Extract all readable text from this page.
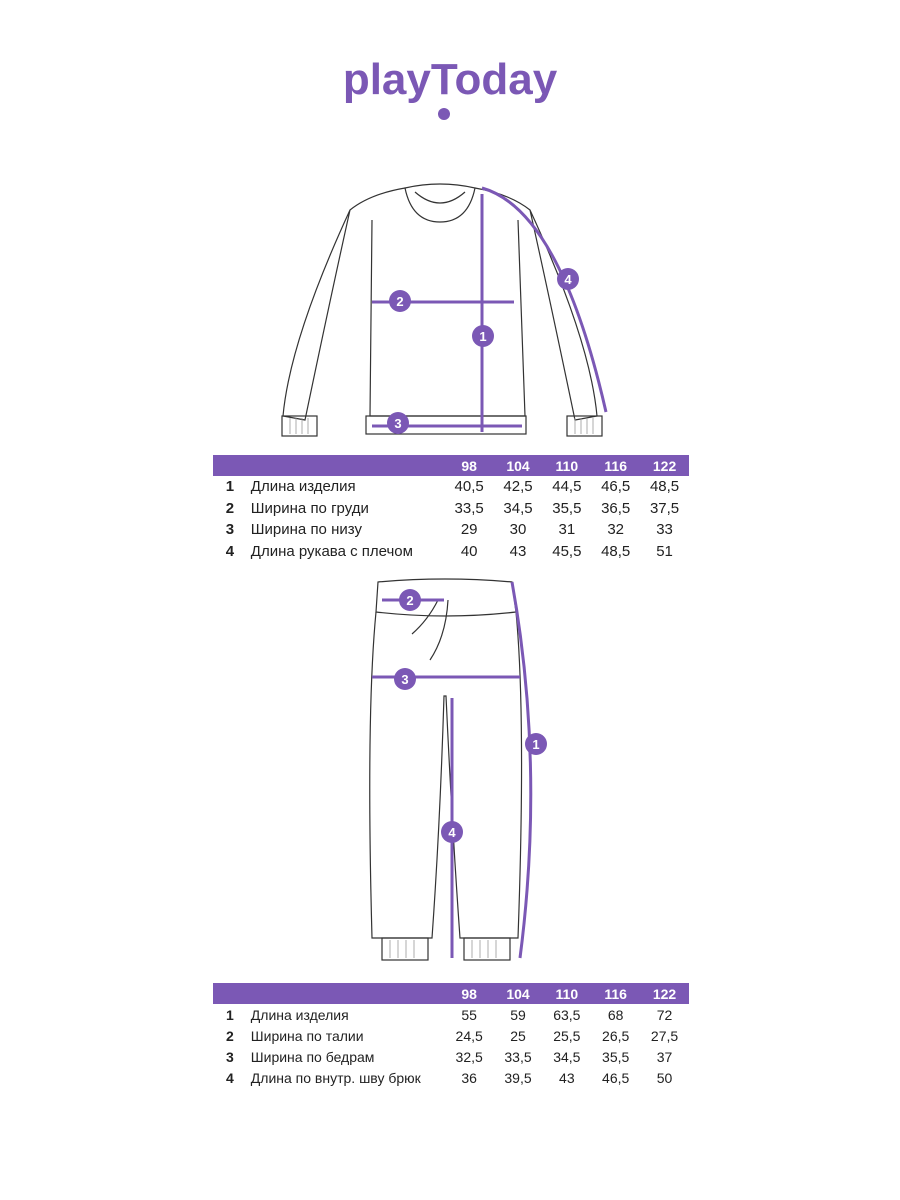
playToday
1
2
3
4
		98	104	110	116	122
1	Длина изделия	40,5	42,5	44,5	46,5	48,5
2	Ширина по груди	33,5	34,5	35,5	36,5	37,5
3	Ширина по низу	29	30	31	32	33
4	Длина рукава с плечом	40	43	45,5	48,5	51
1
2
3
4
		98	104	110	116	122
1	Длина изделия	55	59	63,5	68	72
2	Ширина по талии	24,5	25	25,5	26,5	27,5
3	Ширина по бедрам	32,5	33,5	34,5	35,5	37
4	Длина по внутр. шву брюк	36	39,5	43	46,5	50
